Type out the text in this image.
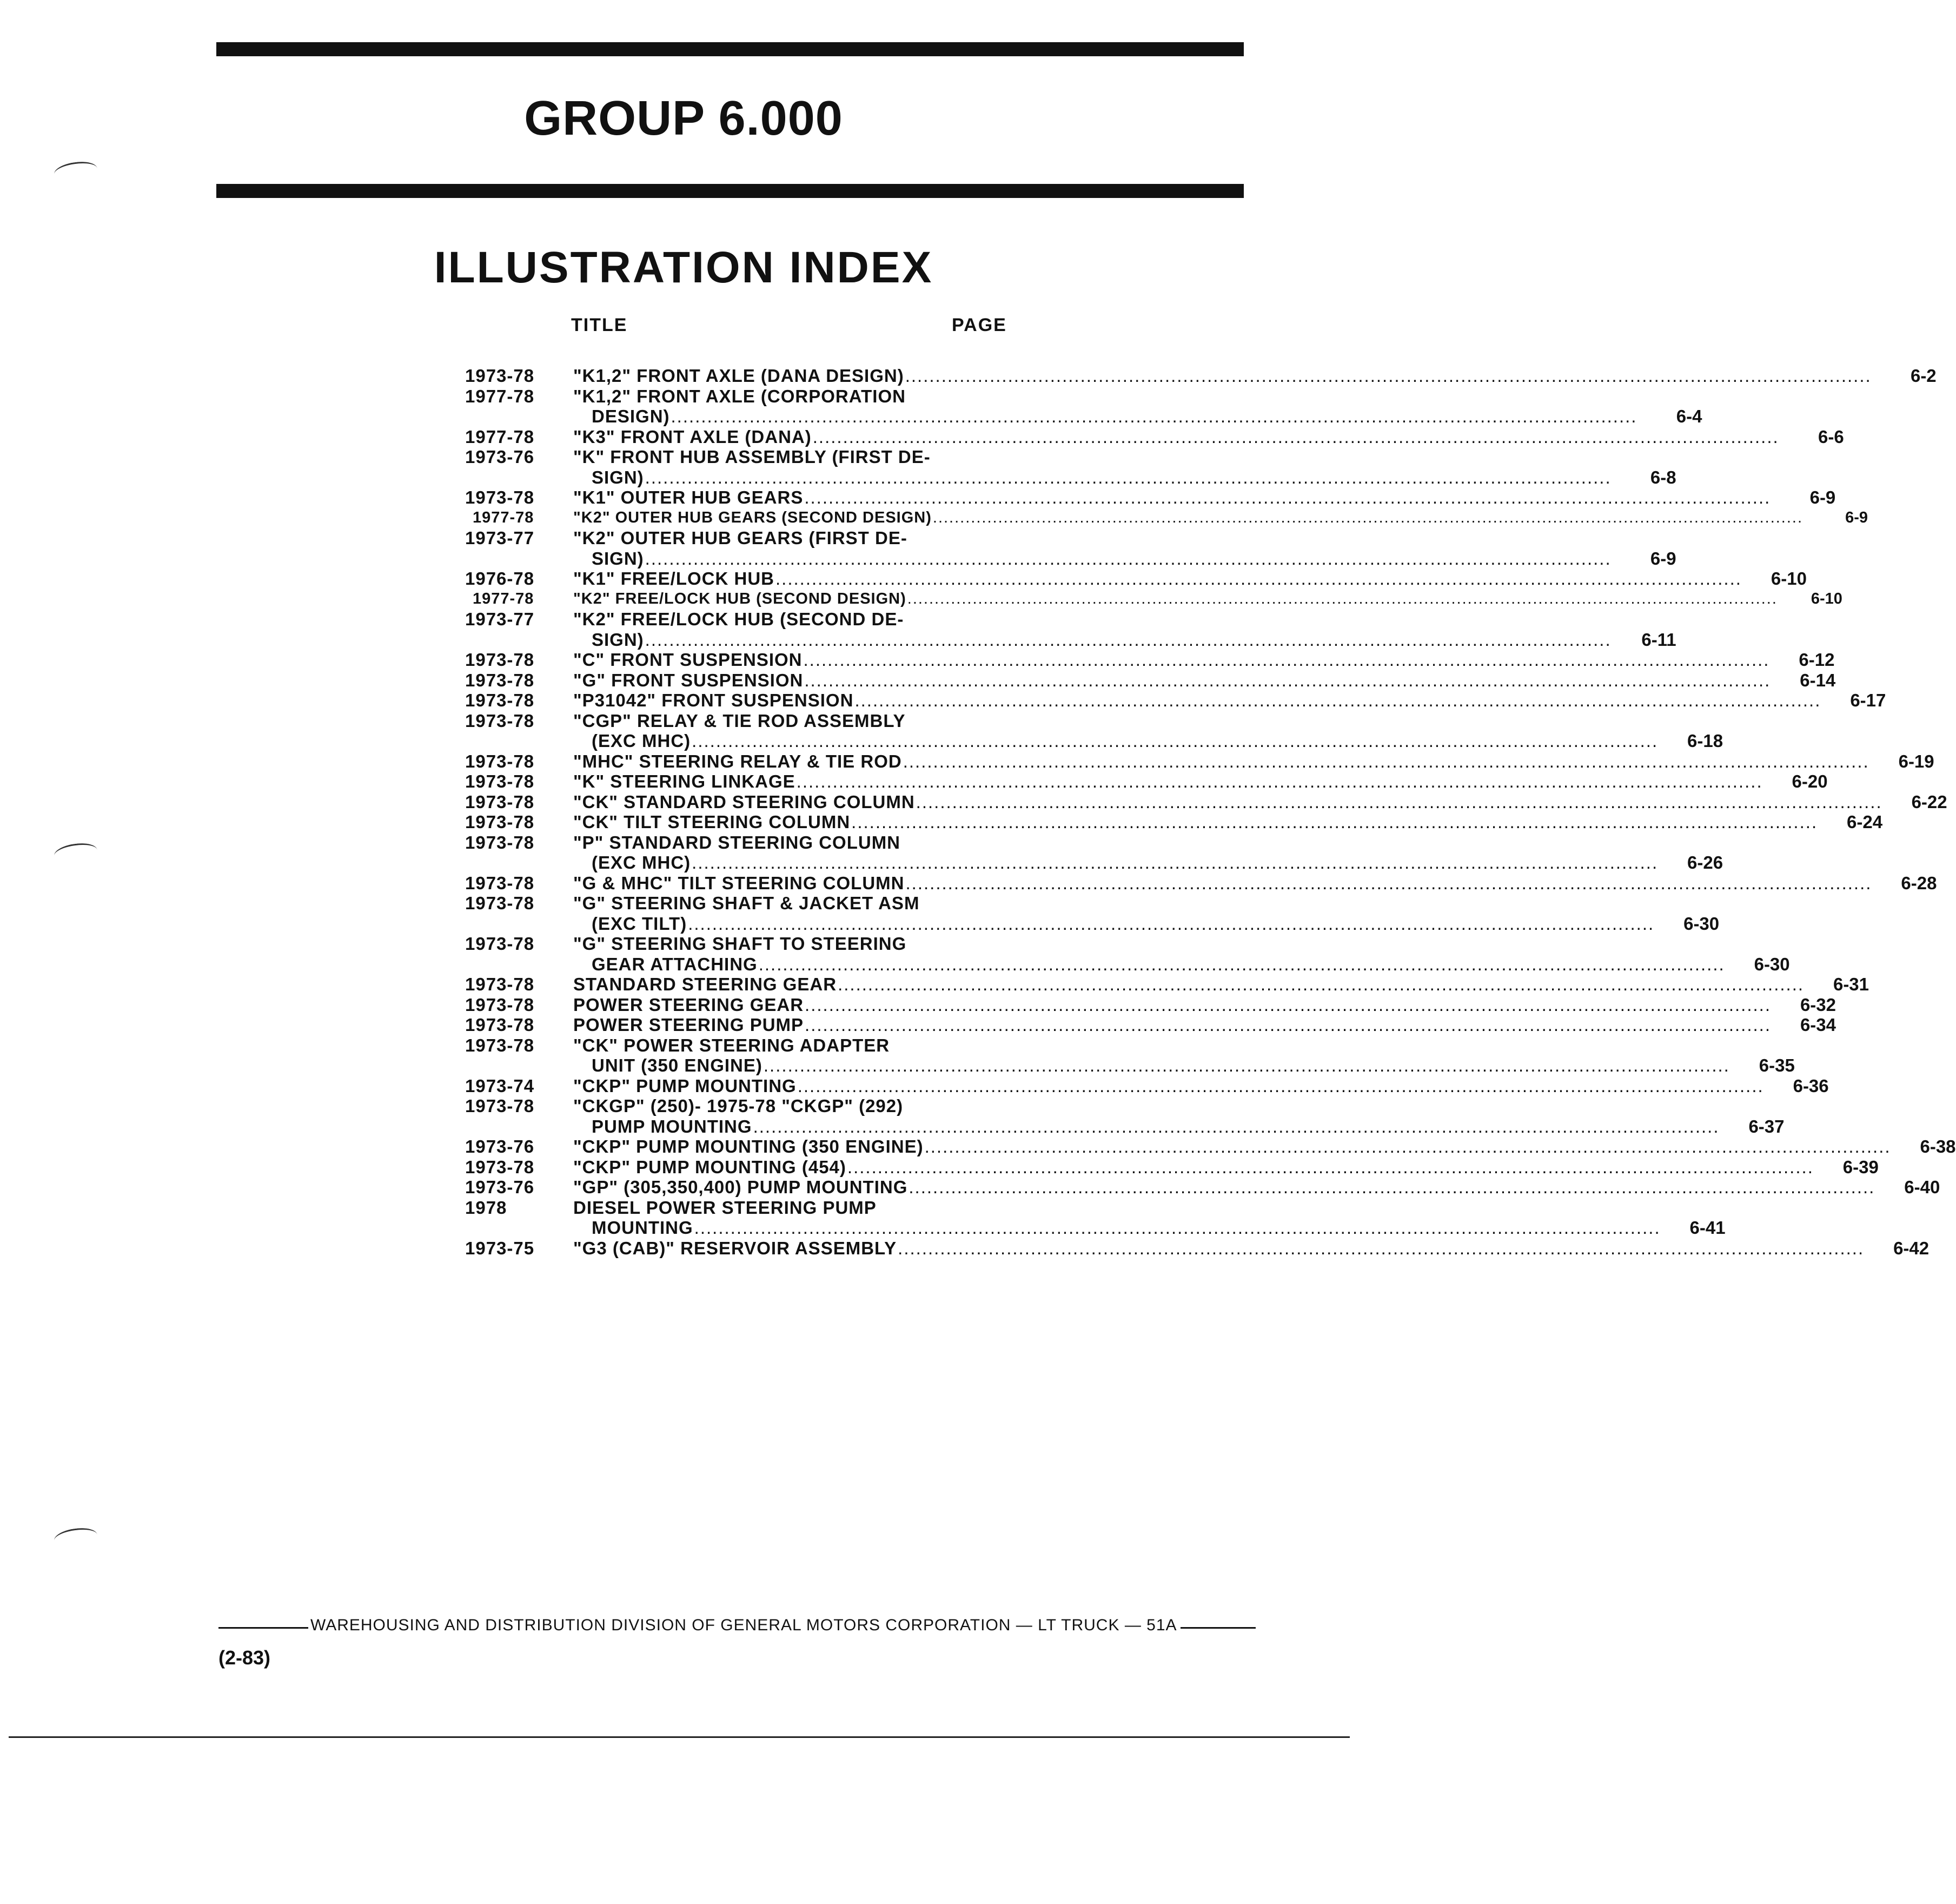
GROUP 6.000
ILLUSTRATION INDEX
TITLE	PAGE
1973-78	"K1,2" FRONT AXLE (DANA DESIGN) ................................................................................................................................................................	6-2
1977-78	"K1,2" FRONT AXLE (CORPORATION
DESIGN) ................................................................................................................................................................	6-4
1977-78	"K3" FRONT AXLE (DANA) ................................................................................................................................................................	6-6
1973-76	"K" FRONT HUB ASSEMBLY (FIRST DE-
SIGN) ................................................................................................................................................................	6-8
1973-78	"K1" OUTER HUB GEARS ................................................................................................................................................................	6-9
1977-78	"K2" OUTER HUB GEARS (SECOND DESIGN) ................................................................................................................................................................	6-9
1973-77	"K2" OUTER HUB GEARS (FIRST DE-
SIGN) ................................................................................................................................................................	6-9
1976-78	"K1" FREE/LOCK HUB ................................................................................................................................................................	6-10
1977-78	"K2" FREE/LOCK HUB (SECOND DESIGN) ................................................................................................................................................................	6-10
1973-77	"K2" FREE/LOCK HUB (SECOND DE-
SIGN) ................................................................................................................................................................	6-11
1973-78	"C" FRONT SUSPENSION ................................................................................................................................................................	6-12
1973-78	"G" FRONT SUSPENSION ................................................................................................................................................................	6-14
1973-78	"P31042" FRONT SUSPENSION ................................................................................................................................................................	6-17
1973-78	"CGP" RELAY & TIE ROD ASSEMBLY
(EXC MHC) ................................................................................................................................................................	6-18
1973-78	"MHC" STEERING RELAY & TIE ROD ................................................................................................................................................................	6-19
1973-78	"K" STEERING LINKAGE ................................................................................................................................................................	6-20
1973-78	"CK" STANDARD STEERING COLUMN ................................................................................................................................................................	6-22
1973-78	"CK" TILT STEERING COLUMN ................................................................................................................................................................	6-24
1973-78	"P" STANDARD STEERING COLUMN
(EXC MHC) ................................................................................................................................................................	6-26
1973-78	"G & MHC" TILT STEERING COLUMN ................................................................................................................................................................	6-28
1973-78	"G" STEERING SHAFT & JACKET ASM
(EXC TILT) ................................................................................................................................................................	6-30
1973-78	"G" STEERING SHAFT TO STEERING
GEAR ATTACHING ................................................................................................................................................................	6-30
1973-78	STANDARD STEERING GEAR ................................................................................................................................................................	6-31
1973-78	POWER STEERING GEAR ................................................................................................................................................................	6-32
1973-78	POWER STEERING PUMP ................................................................................................................................................................	6-34
1973-78	"CK" POWER STEERING ADAPTER
UNIT (350 ENGINE) ................................................................................................................................................................	6-35
1973-74	"CKP" PUMP MOUNTING ................................................................................................................................................................	6-36
1973-78	"CKGP" (250)- 1975-78 "CKGP" (292)
PUMP MOUNTING ................................................................................................................................................................	6-37
1973-76	"CKP" PUMP MOUNTING (350 ENGINE) ................................................................................................................................................................	6-38
1973-78	"CKP" PUMP MOUNTING (454) ................................................................................................................................................................	6-39
1973-76	"GP" (305,350,400) PUMP MOUNTING ................................................................................................................................................................	6-40
1978	DIESEL POWER STEERING PUMP
MOUNTING ................................................................................................................................................................	6-41
1973-75	"G3 (CAB)" RESERVOIR ASSEMBLY ................................................................................................................................................................	6-42
WAREHOUSING AND DISTRIBUTION DIVISION OF GENERAL MOTORS CORPORATION — LT TRUCK — 51A
(2-83)
